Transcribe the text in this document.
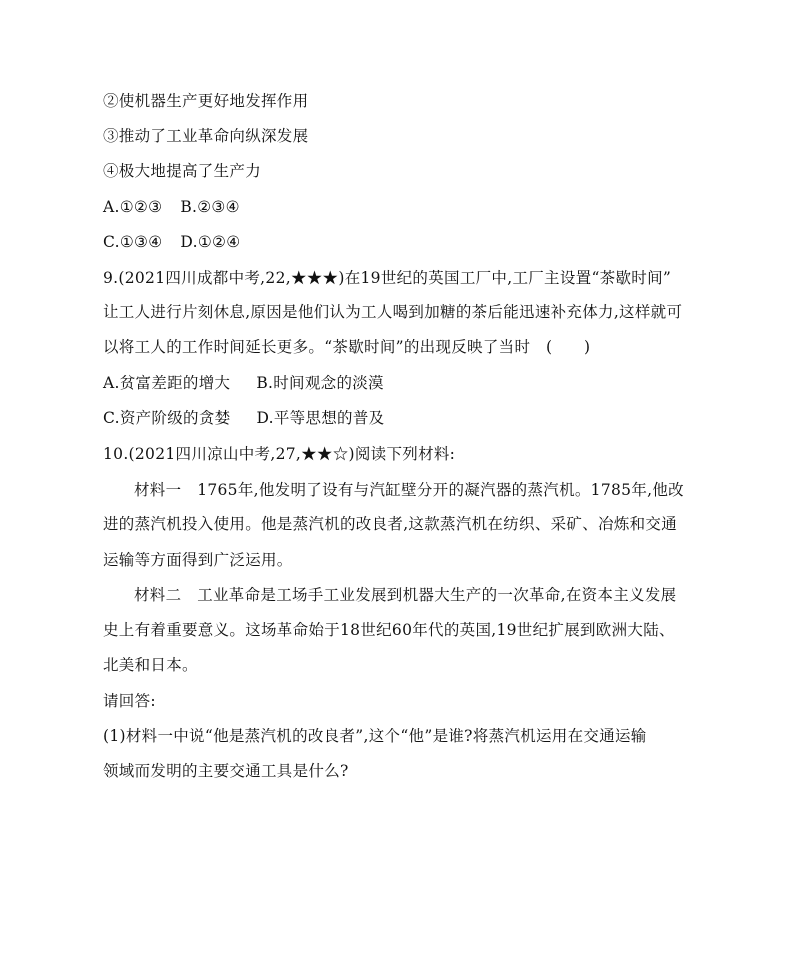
②使机器生产更好地发挥作用
③推动了工业革命向纵深发展
④极大地提高了生产力
A.①②③ B.②③④
C.①③④ D.①②④
9.(2021四川成都中考,22,★★★)在19世纪的英国工厂中,工厂主设置“茶歇时间”
让工人进行片刻休息,原因是他们认为工人喝到加糖的茶后能迅速补充体力,这样就可
以将工人的工作时间延长更多。“茶歇时间”的出现反映了当时　(　　)
A.贫富差距的增大 B.时间观念的淡漠
C.资产阶级的贪婪 D.平等思想的普及
10.(2021四川凉山中考,27,★★☆)阅读下列材料:
材料一　1765年,他发明了设有与汽缸壁分开的凝汽器的蒸汽机。1785年,他改
进的蒸汽机投入使用。他是蒸汽机的改良者,这款蒸汽机在纺织、采矿、冶炼和交通
运输等方面得到广泛运用。
材料二　工业革命是工场手工业发展到机器大生产的一次革命,在资本主义发展
史上有着重要意义。这场革命始于18世纪60年代的英国,19世纪扩展到欧洲大陆、
北美和日本。
请回答:
(1)材料一中说“他是蒸汽机的改良者”,这个“他”是谁?将蒸汽机运用在交通运输
领域而发明的主要交通工具是什么?
